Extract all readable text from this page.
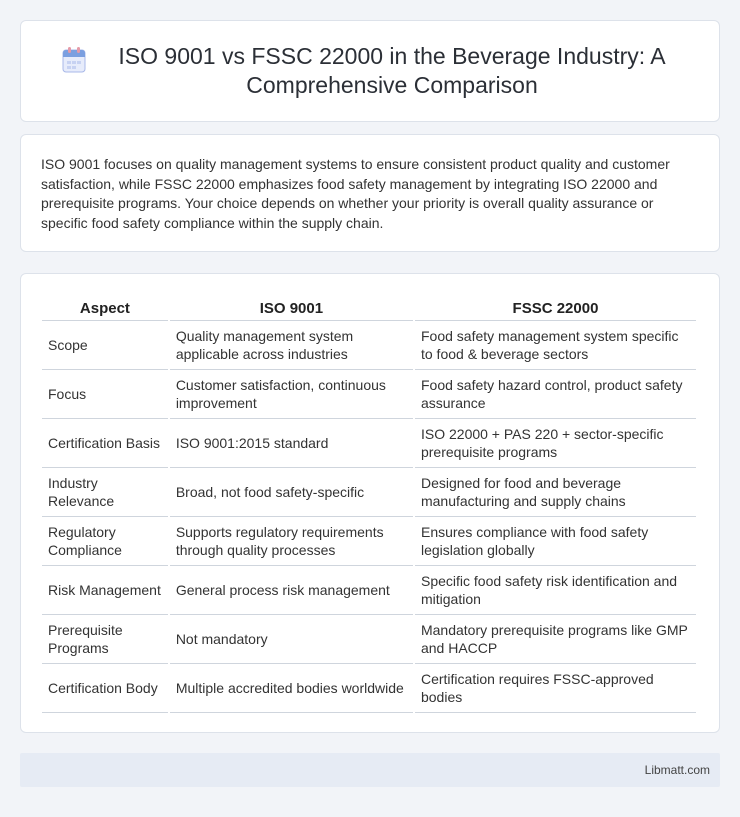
ISO 9001 vs FSSC 22000 in the Beverage Industry: A Comprehensive Comparison

ISO 9001 focuses on quality management systems to ensure consistent product quality and customer satisfaction, while FSSC 22000 emphasizes food safety management by integrating ISO 22000 and prerequisite programs. Your choice depends on whether your priority is overall quality assurance or specific food safety compliance within the supply chain.

Aspect	ISO 9001	FSSC 22000
Scope	Quality management system applicable across industries	Food safety management system specific to food & beverage sectors
Focus	Customer satisfaction, continuous improvement	Food safety hazard control, product safety assurance
Certification Basis	ISO 9001:2015 standard	ISO 22000 + PAS 220 + sector-specific prerequisite programs
Industry Relevance	Broad, not food safety-specific	Designed for food and beverage manufacturing and supply chains
Regulatory Compliance	Supports regulatory requirements through quality processes	Ensures compliance with food safety legislation globally
Risk Management	General process risk management	Specific food safety risk identification and mitigation
Prerequisite Programs	Not mandatory	Mandatory prerequisite programs like GMP and HACCP
Certification Body	Multiple accredited bodies worldwide	Certification requires FSSC-approved bodies
Libmatt.com
